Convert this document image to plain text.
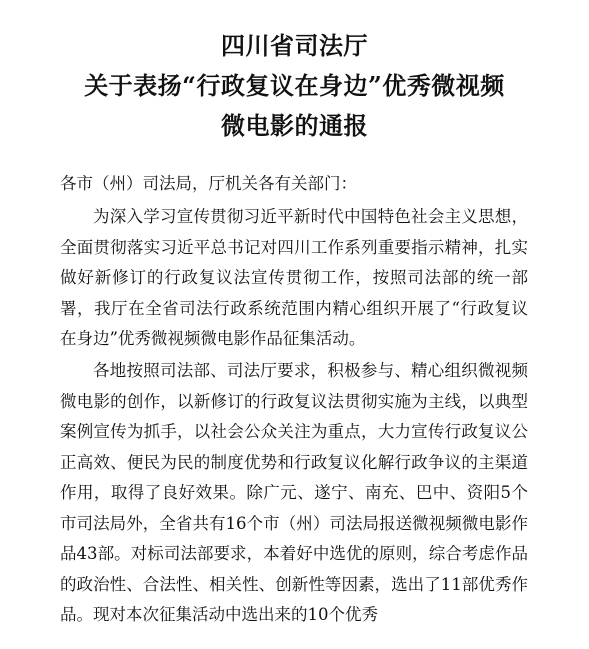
四川省司法厅
关于表扬“行政复议在身边”优秀微视频
微电影的通报
各市（州）司法局，厅机关各有关部门：

为深入学习宣传贯彻习近平新时代中国特色社会主义思想，全面贯彻落实习近平总书记对四川工作系列重要指示精神，扎实做好新修订的行政复议法宣传贯彻工作，按照司法部的统一部署，我厅在全省司法行政系统范围内精心组织开展了“行政复议在身边”优秀微视频微电影作品征集活动。

各地按照司法部、司法厅要求，积极参与、精心组织微视频微电影的创作，以新修订的行政复议法贯彻实施为主线，以典型案例宣传为抓手，以社会公众关注为重点，大力宣传行政复议公正高效、便民为民的制度优势和行政复议化解行政争议的主渠道作用，取得了良好效果。除广元、遂宁、南充、巴中、资阳5个市司法局外，全省共有16个市（州）司法局报送微视频微电影作品43部。对标司法部要求，本着好中选优的原则，综合考虑作品的政治性、合法性、相关性、创新性等因素，选出了11部优秀作品。现对本次征集活动中选出来的10个优秀
